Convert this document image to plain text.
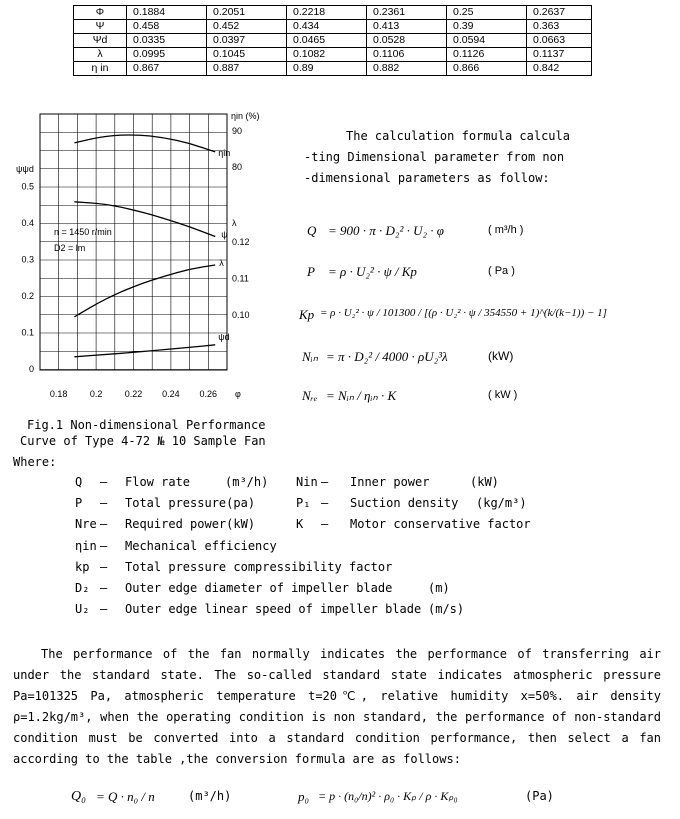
Φ	0.1884	0.2051	0.2218	0.2361	0.25	0.2637
Ψ	0.458	0.452	0.434	0.413	0.39	0.363
Ψd	0.0335	0.0397	0.0465	0.0528	0.0594	0.0663
λ	0.0995	0.1045	0.1082	0.1106	0.1126	0.1137
η in	0.867	0.887	0.89	0.882	0.866	0.842
0.18 0.2 0.22 0.24 0.26 φ
0.5
0.4
0.3
0.2
0.1
0
ψψd
90
80
ηin (%)
0.12
0.11
0.10
λ
n = 1450 r/min
D2 = lm
ηin
ψ
λ
ψd
Fig.1 Non-dimensional Performance
Curve of Type 4-72 № 10 Sample Fan
The calculation formula calcula
-ting Dimensional parameter from non
-dimensional parameters as follow:
Q = 900 · π · D₂² · U₂ · φ	( m³/h )
P = ρ · U₂² · ψ / Kp	( Pa )
Kp = ρ · U₂² · ψ / 101300 / [(ρ · U₂² · ψ / 354550 + 1)^(k/(k−1)) − 1]
Nᵢₙ = π · D₂² / 4000 · ρU₂³λ	(kW)
Nᵣₑ = Nᵢₙ / ηᵢₙ · K	( kW )
Where:
Q — Flow rate	(m³/h)
P — Total pressure(pa)
Nre — Required power(kW)
ηin — Mechanical efficiency
kp — Total pressure compressibility factor
D₂ — Outer edge diameter of impeller blade	(m)
U₂ — Outer edge linear speed of impeller blade (m/s)
Nin — Inner power	(kW)
P₁ — Suction density (kg/m³)
K — Motor conservative factor
The performance of the fan normally indicates the performance of transferring air under the standard state. The so-called standard state indicates atmospheric pressure Pa=101325 Pa, atmospheric temperature t=20℃, relative humidity x=50%. air density ρ=1.2kg/m³, when the operating condition is non standard, the performance of non-standard condition must be converted into a standard condition performance, then select a fan according to the table ,the conversion formula are as follows:
Q₀ = Q · n₀ / n	(m³/h)	p₀ = p · (n₀/n)² · ρ₀ · Kₚ / ρ · Kₚ₀	(Pa)
